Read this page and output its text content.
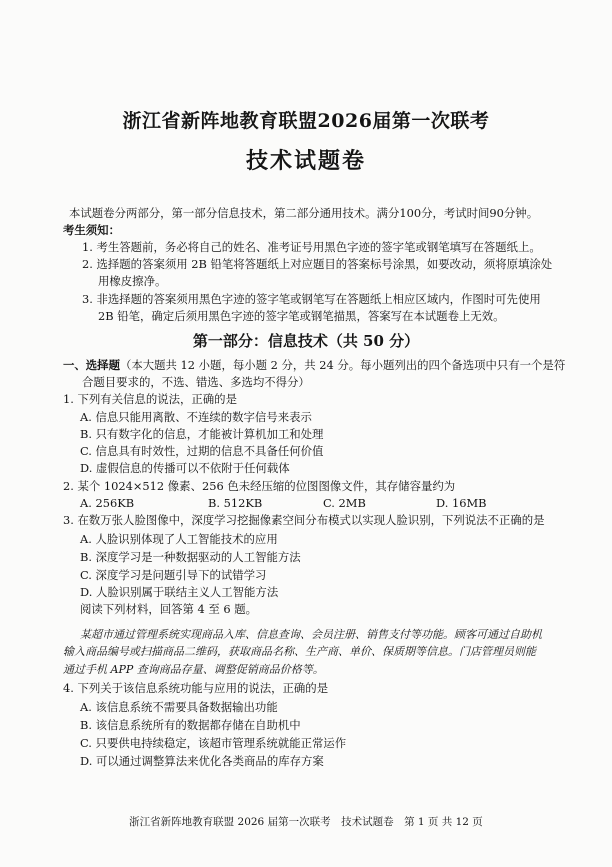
浙江省新阵地教育联盟2026届第一次联考
技术试题卷
本试题卷分两部分，第一部分信息技术，第二部分通用技术。满分100分，考试时间90分钟。
考生须知：
1. 考生答题前，务必将自己的姓名、准考证号用黑色字迹的签字笔或钢笔填写在答题纸上。
2. 选择题的答案须用 2B 铅笔将答题纸上对应题目的答案标号涂黑，如要改动，须将原填涂处
用橡皮擦净。
3. 非选择题的答案须用黑色字迹的签字笔或钢笔写在答题纸上相应区域内，作图时可先使用
2B 铅笔，确定后须用黑色字迹的签字笔或钢笔描黑，答案写在本试题卷上无效。
第一部分：信息技术（共 50 分）
一、选择题（本大题共 12 小题，每小题 2 分，共 24 分。每小题列出的四个备选项中只有一个是符
合题目要求的，不选、错选、多选均不得分）
1. 下列有关信息的说法，正确的是
A. 信息只能用离散、不连续的数字信号来表示
B. 只有数字化的信息，才能被计算机加工和处理
C. 信息具有时效性，过期的信息不具备任何价值
D. 虚假信息的传播可以不依附于任何载体
2. 某个 1024×512 像素、256 色未经压缩的位图图像文件，其存储容量约为
A. 256KB	B. 512KB	C. 2MB	D. 16MB
3. 在数万张人脸图像中，深度学习挖掘像素空间分布模式以实现人脸识别，下列说法不正确的是
A. 人脸识别体现了人工智能技术的应用
B. 深度学习是一种数据驱动的人工智能方法
C. 深度学习是问题引导下的试错学习
D. 人脸识别属于联结主义人工智能方法
阅读下列材料，回答第 4 至 6 题。
某超市通过管理系统实现商品入库、信息查询、会员注册、销售支付等功能。顾客可通过自助机
输入商品编号或扫描商品二维码，获取商品名称、生产商、单价、保质期等信息。门店管理员则能
通过手机 APP 查询商品存量、调整促销商品价格等。
4. 下列关于该信息系统功能与应用的说法，正确的是
A. 该信息系统不需要具备数据输出功能
B. 该信息系统所有的数据都存储在自助机中
C. 只要供电持续稳定，该超市管理系统就能正常运作
D. 可以通过调整算法来优化各类商品的库存方案
浙江省新阵地教育联盟 2026 届第一次联考　技术试题卷　第 1 页 共 12 页
